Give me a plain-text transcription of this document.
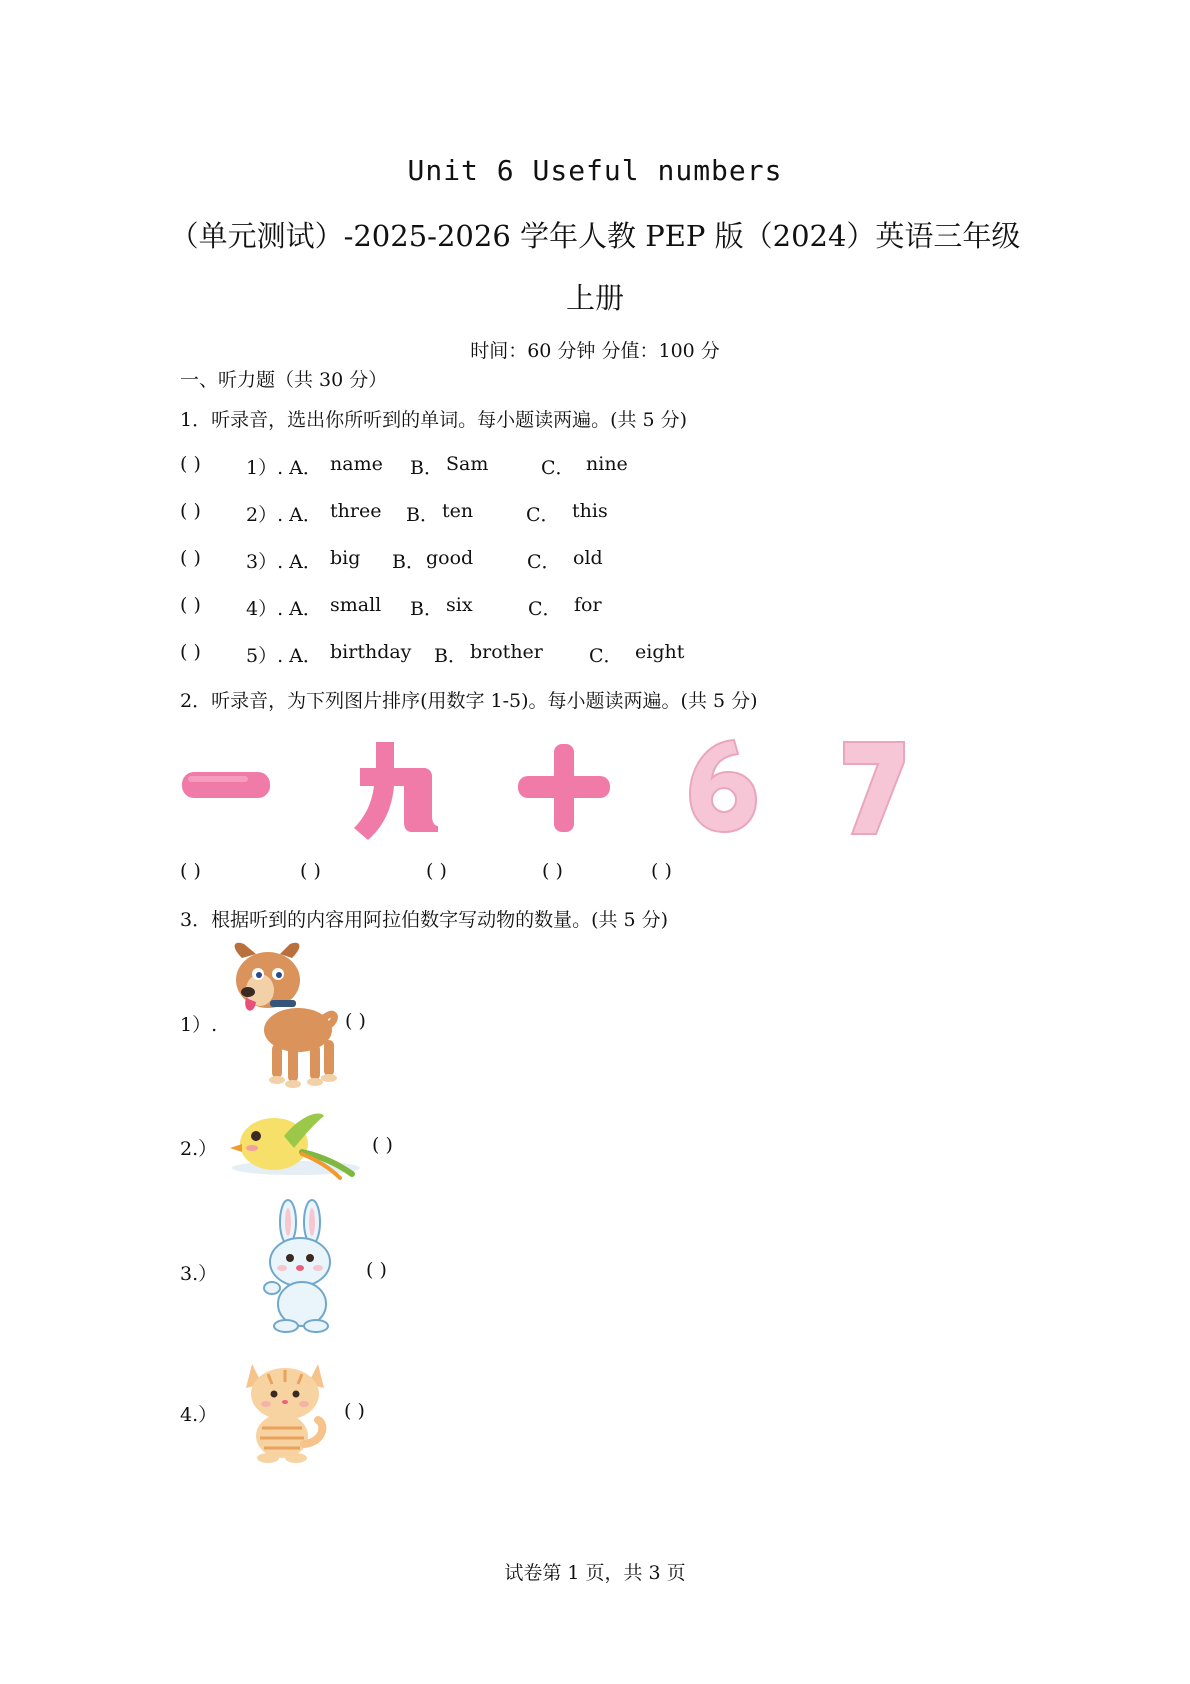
Unit 6 Useful numbers
（单元测试）-2025-2026 学年人教 PEP 版（2024）英语三年级
上册
时间：60 分钟 分值：100 分
一、听力题（共 30 分）
1．听录音，选出你所听到的单词。每小题读两遍。(共 5 分)
( ) 1）. A． name B． Sam	C． nine
( ) 2）. A． three B． ten	C． this
( ) 3）. A． big B． good	C． old
( ) 4）. A． small B． six	C． for
( ) 5）. A． birthday B． brother C． eight
2．听录音，为下列图片排序(用数字 1-5)。每小题读两遍。(共 5 分)
( )	( )	( )	( )	( )
3．根据听到的内容用阿拉伯数字写动物的数量。(共 5 分)
1）.	( )
2.）	( )
3.）	( )
4.）	( )
试卷第 1 页，共 3 页
